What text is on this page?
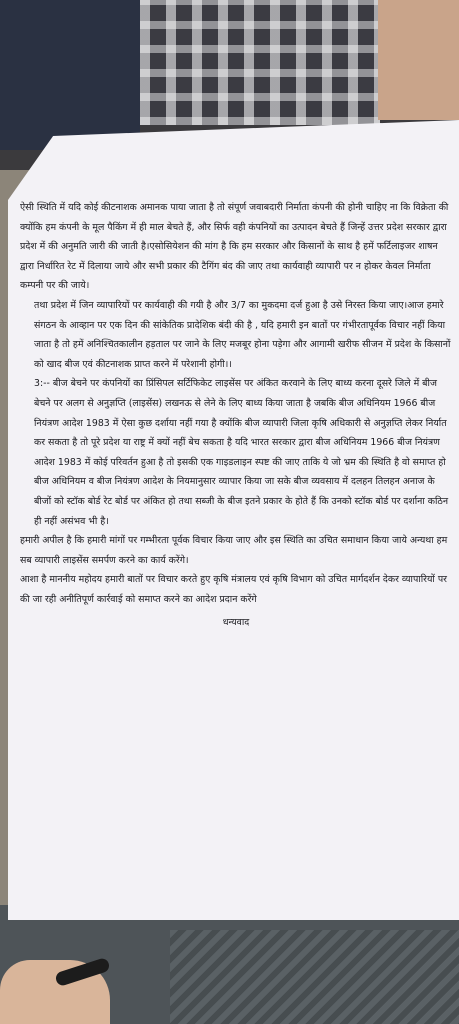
ऐसी स्थिति में यदि कोई कीटनाशक अमानक पाया जाता है तो संपूर्ण जवाबदारी निर्माता कंपनी की होनी चाहिए ना कि विक्रेता की क्योंकि हम कंपनी के मूल पैकिंग में ही माल बेचते हैं, और सिर्फ वही कंपनियों का उत्पादन बेचते हैं जिन्हें उत्तर प्रदेश सरकार द्वारा प्रदेश में की अनुमति जारी की जाती है।एसोसियेशन की मांग है कि हम सरकार और किसानों के साथ है हमें फर्टिलाइजर शाषन द्वारा निर्धारित रेट में दिलाया जाये और सभी प्रकार की टैगिंग बंद की जाए तथा कार्यवाही व्यापारी पर न होकर केवल निर्माता कम्पनी पर की जाये।

तथा प्रदेश में जिन व्यापारियों पर कार्यवाही की गयी है और 3/7 का मुकदमा दर्ज हुआ है उसे निरस्त किया जाए।आज हमारे संगठन के आव्हान पर एक दिन की सांकेतिक प्रादेशिक बंदी की है , यदि हमारी इन बातों पर गंभीरतापूर्वक विचार नहीं किया जाता है तो हमें अनिश्चितकालीन हड़ताल पर जाने के लिए मजबूर होना पड़ेगा और आगामी खरीफ सीजन में प्रदेश के किसानों को खाद बीज एवं कीटनाशक प्राप्त करने में परेशानी होगी।।

3:-- बीज बेचने पर कंपनियों का प्रिंसिपल सर्टिफिकेट लाइसेंस पर अंकित करवाने के लिए बाध्य करना दूसरे जिले में बीज बेचने पर अलग से अनुज्ञप्ति (लाइसेंस) लखनऊ से लेने के लिए बाध्य किया जाता है जबकि बीज अधिनियम 1966 बीज नियंत्रण आदेश 1983 में ऐसा कुछ दर्शाया नहीं गया है क्योंकि बीज व्यापारी जिला कृषि अधिकारी से अनुज्ञप्ति लेकर निर्यात कर सकता है तो पूरे प्रदेश या राष्ट्र में क्यों नहीं बेच सकता है यदि भारत सरकार द्वारा बीज अधिनियम 1966 बीज नियंत्रण आदेश 1983 में कोई परिवर्तन हुआ है तो इसकी एक गाइडलाइन स्पष्ट की जाए ताकि ये जो भ्रम की स्थिति है वो समाप्त हो बीज अधिनियम व बीज नियंत्रण आदेश के नियमानुसार व्यापार किया जा सके बीज व्यवसाय में दलहन तिलहन अनाज के बीजों को स्टॉक बोर्ड रेट बोर्ड पर अंकित हो तथा सब्जी के बीज इतने प्रकार के होते हैं कि उनको स्टॉक बोर्ड पर दर्शाना कठिन ही नहीं असंभव भी है।

हमारी अपील है कि हमारी मांगों पर गम्भीरता पूर्वक विचार किया जाए और इस स्थिति का उचित समाधान किया जाये अन्यथा हम सब व्यापारी लाइसेंस समर्पण करने का कार्य करेंगे।

आशा है माननीय महोदय हमारी बातों पर विचार करते हुए कृषि मंत्रालय एवं कृषि विभाग को उचित मार्गदर्शन देकर व्यापारियों पर की जा रही अनीतिपूर्ण कार्रवाई को समाप्त करने का आदेश प्रदान करेंगे

धन्यवाद
